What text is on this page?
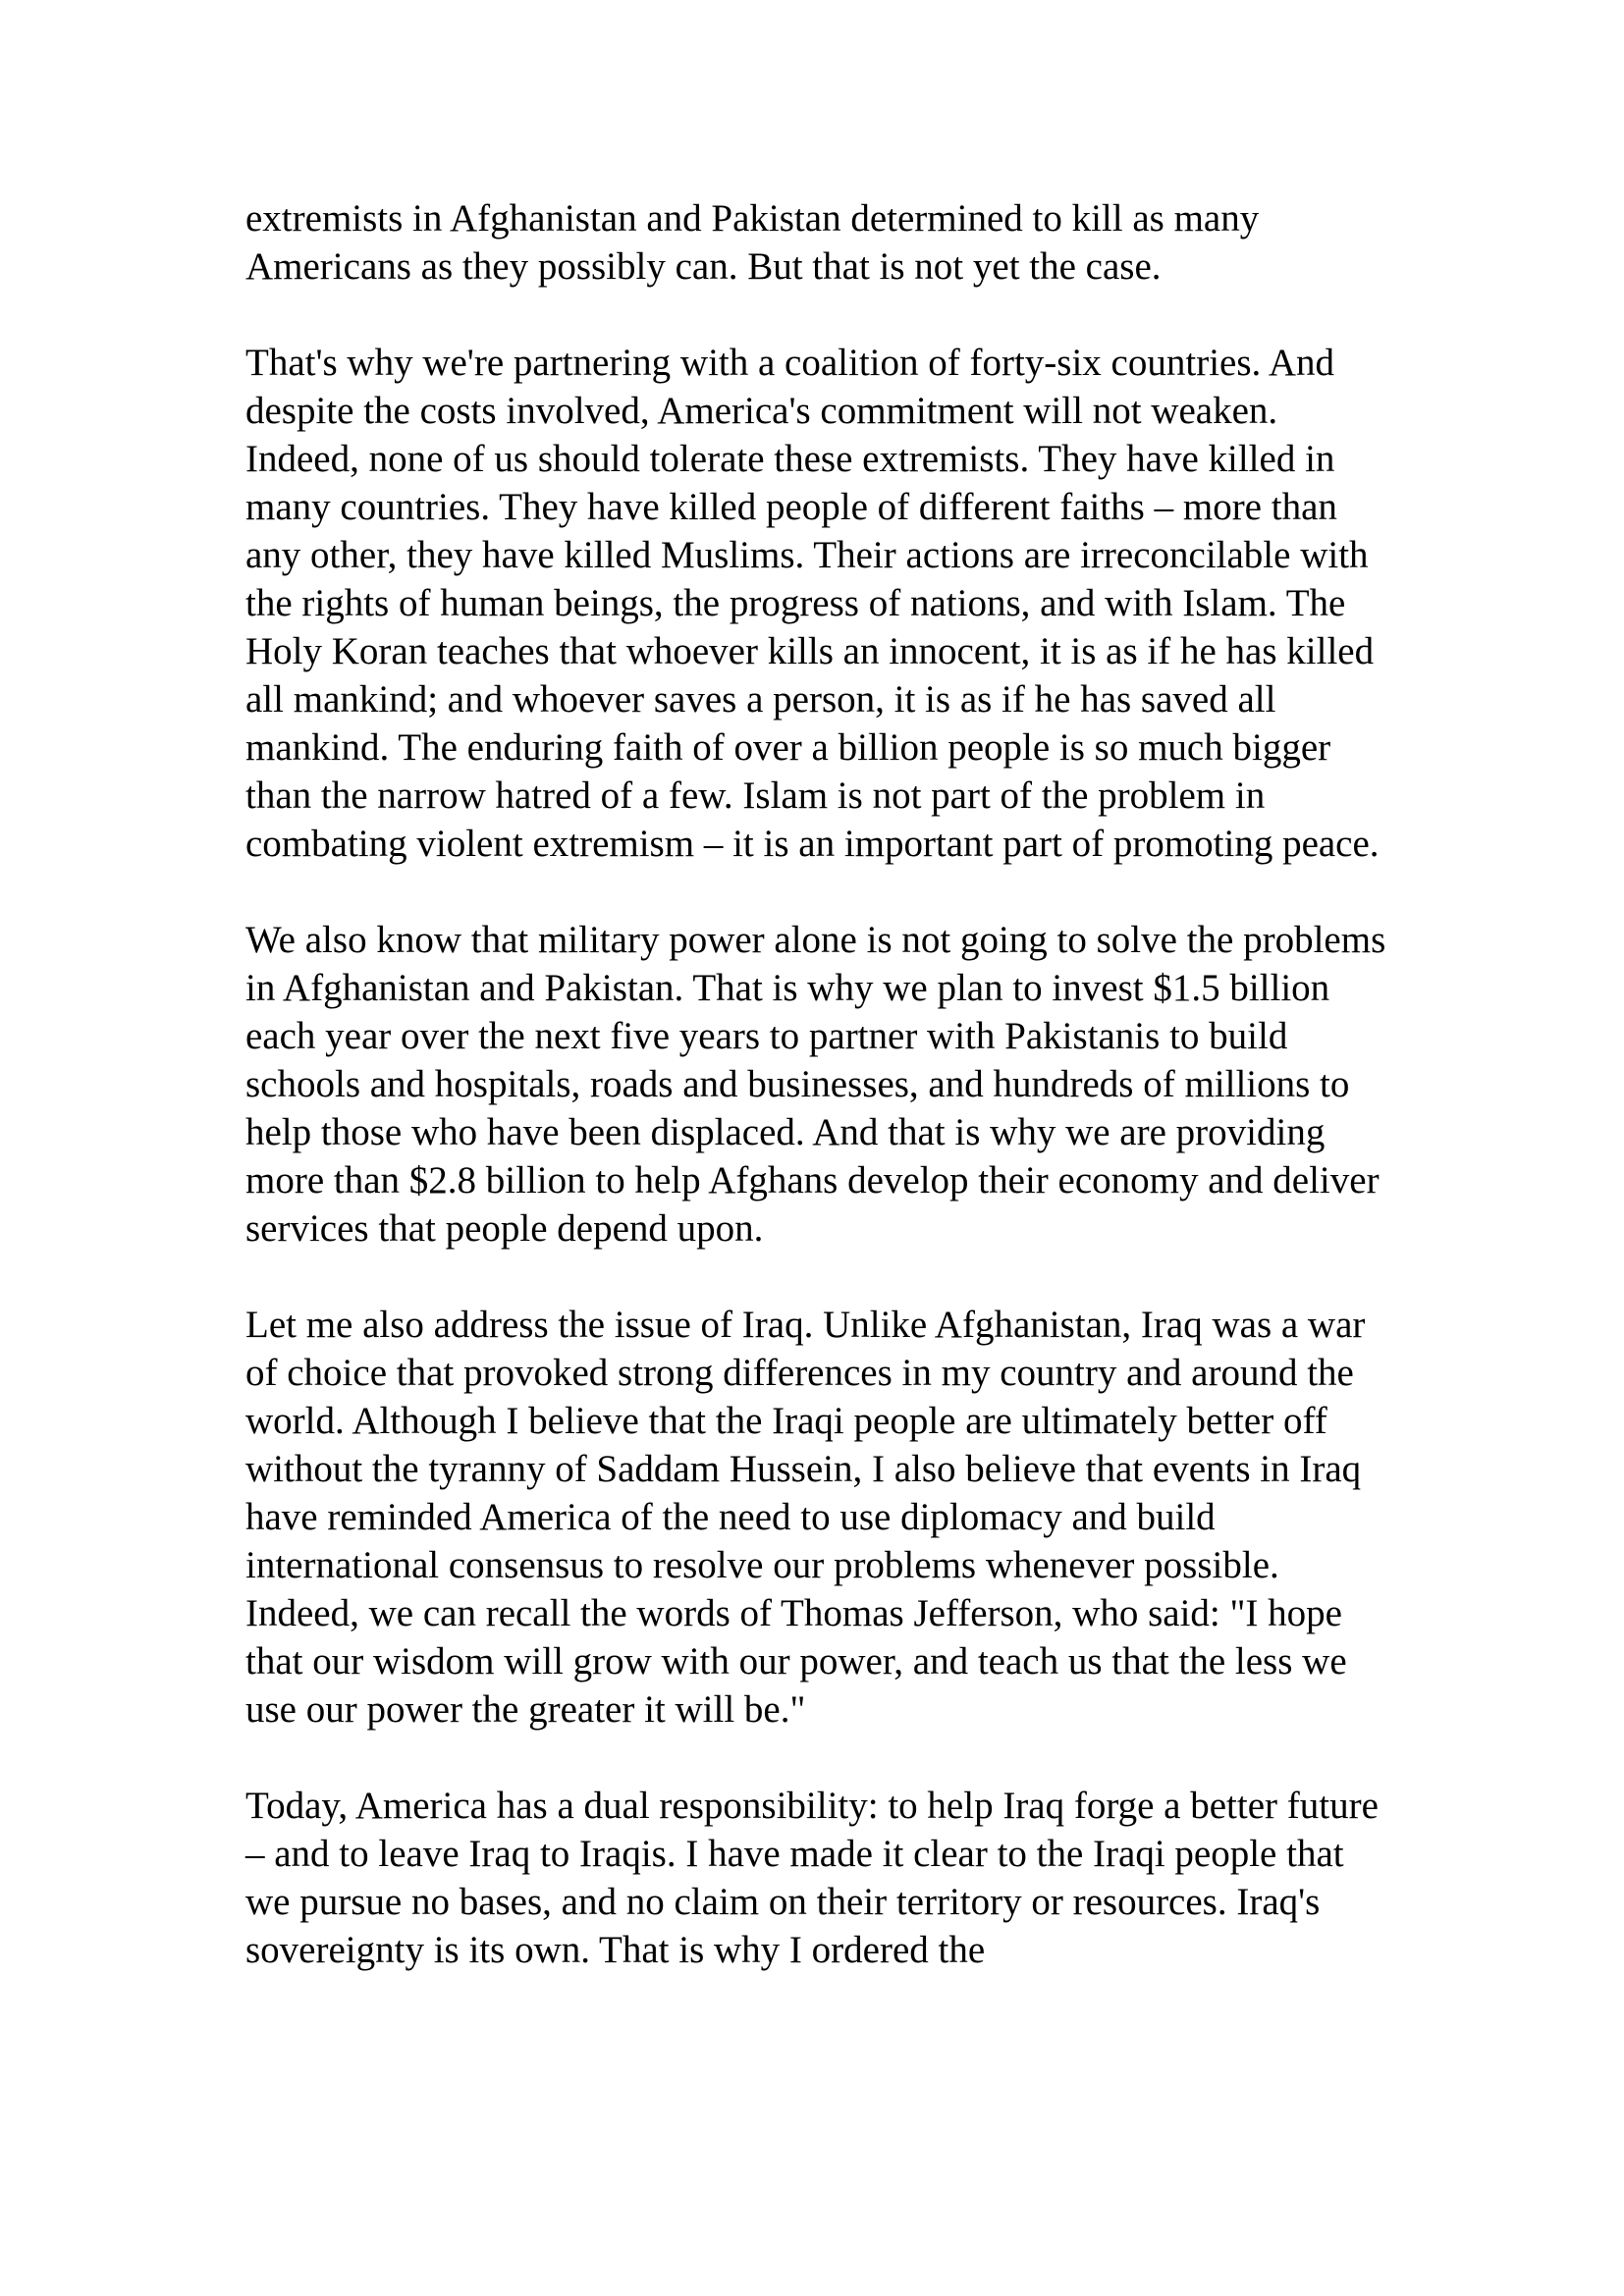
extremists in Afghanistan and Pakistan determined to kill as many Americans as they possibly can. But that is not yet the case.

That's why we're partnering with a coalition of forty-six countries. And despite the costs involved, America's commitment will not weaken. Indeed, none of us should tolerate these extremists. They have killed in many countries. They have killed people of different faiths – more than any other, they have killed Muslims. Their actions are irreconcilable with the rights of human beings, the progress of nations, and with Islam. The Holy Koran teaches that whoever kills an innocent, it is as if he has killed all mankind; and whoever saves a person, it is as if he has saved all mankind. The enduring faith of over a billion people is so much bigger than the narrow hatred of a few. Islam is not part of the problem in combating violent extremism – it is an important part of promoting peace.

We also know that military power alone is not going to solve the problems in Afghanistan and Pakistan. That is why we plan to invest $1.5 billion each year over the next five years to partner with Pakistanis to build schools and hospitals, roads and businesses, and hundreds of millions to help those who have been displaced. And that is why we are providing more than $2.8 billion to help Afghans develop their economy and deliver services that people depend upon.

Let me also address the issue of Iraq. Unlike Afghanistan, Iraq was a war of choice that provoked strong differences in my country and around the world. Although I believe that the Iraqi people are ultimately better off without the tyranny of Saddam Hussein, I also believe that events in Iraq have reminded America of the need to use diplomacy and build international consensus to resolve our problems whenever possible. Indeed, we can recall the words of Thomas Jefferson, who said: "I hope that our wisdom will grow with our power, and teach us that the less we use our power the greater it will be."

Today, America has a dual responsibility: to help Iraq forge a better future – and to leave Iraq to Iraqis. I have made it clear to the Iraqi people that we pursue no bases, and no claim on their territory or resources. Iraq's sovereignty is its own. That is why I ordered the
